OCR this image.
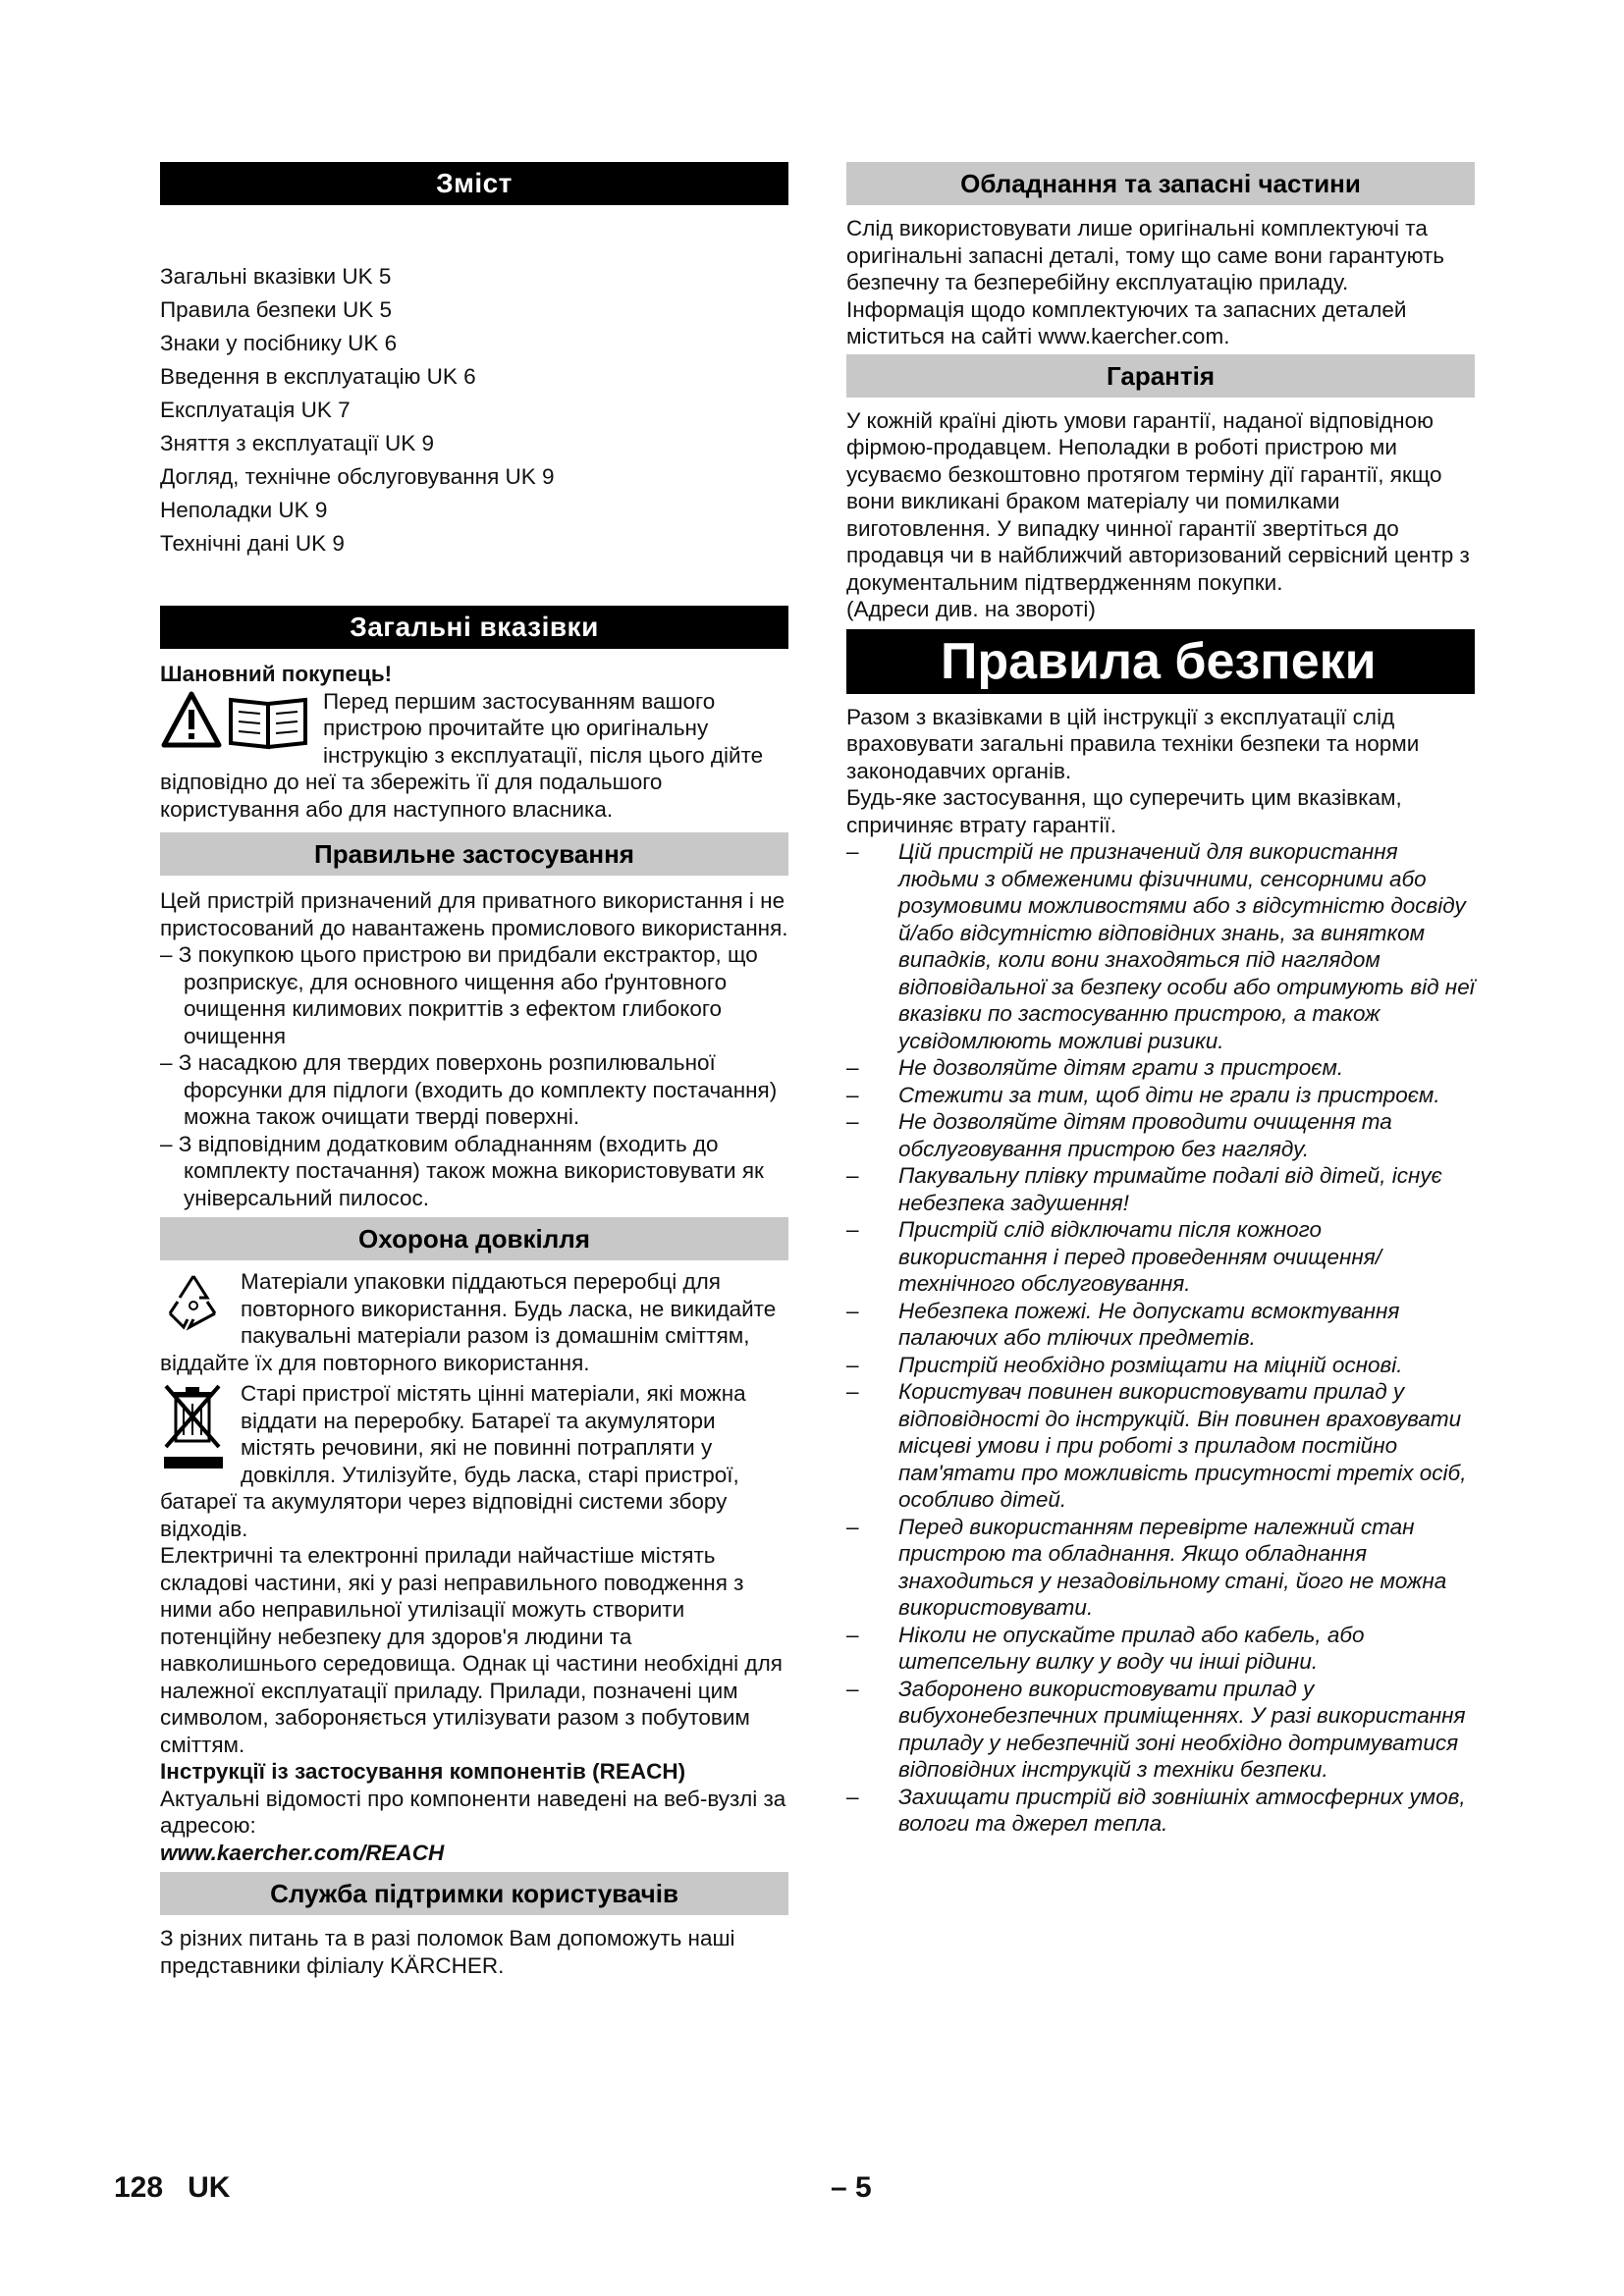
Зміст
Загальні вказівки UK 5
Правила безпеки UK 5
Знаки у посібнику UK 6
Введення в експлуатацію UK 6
Експлуатація UK 7
Зняття з експлуатації UK 9
Догляд, технічне обслуговування UK 9
Неполадки UK 9
Технічні дані UK 9
Загальні вказівки

Шановний покупець!

Перед першим застосуванням вашого пристрою прочитайте цю оригінальну інструкцію з експлуатації, після цього дійте відповідно до неї та збережіть її для подальшого користування або для наступного власника.

Правильне застосування

Цей пристрій призначений для приватного використання і не пристосований до навантажень промислового використання.

– З покупкою цього пристрою ви придбали екстрактор, що розприскує, для основного чищення або ґрунтовного очищення килимових покриттів з ефектом глибокого очищення

– З насадкою для твердих поверхонь розпилювальної форсунки для підлоги (входить до комплекту постачання) можна також очищати тверді поверхні.

– З відповідним додатковим обладнанням (входить до комплекту постачання) також можна використовувати як універсальний пилосос.

Охорона довкілля

Матеріали упаковки піддаються переробці для повторного використання. Будь ласка, не викидайте пакувальні матеріали разом із домашнім сміттям, віддайте їх для повторного використання.

Старі пристрої містять цінні матеріали, які можна віддати на переробку. Батареї та акумулятори містять речовини, які не повинні потрапляти у довкілля. Утилізуйте, будь ласка, старі пристрої, батареї та акумулятори через відповідні системи збору відходів.

Електричні та електронні прилади найчастіше містять складові частини, які у разі неправильного поводження з ними або неправильної утилізації можуть створити потенційну небезпеку для здоров'я людини та навколишнього середовища. Однак ці частини необхідні для належної експлуатації приладу. Прилади, позначені цим символом, забороняється утилізувати разом з побутовим сміттям.

Інструкції із застосування компонентів (REACH)

Актуальні відомості про компоненти наведені на веб-вузлі за адресою:

www.kaercher.com/REACH

Служба підтримки користувачів

З різних питань та в разі поломок Вам допоможуть наші представники філіалу KÄRCHER.

Обладнання та запасні частини

Слід використовувати лише оригінальні комплектуючі та оригінальні запасні деталі, тому що саме вони гарантують безпечну та безперебійну експлуатацію приладу.

Інформація щодо комплектуючих та запасних деталей міститься на сайті www.kaercher.com.

Гарантія

У кожній країні діють умови гарантії, наданої відповідною фірмою-продавцем. Неполадки в роботі пристрою ми усуваємо безкоштовно протягом терміну дії гарантії, якщо вони викликані браком матеріалу чи помилками виготовлення. У випадку чинної гарантії звертіться до продавця чи в найближчий авторизований сервісний центр з документальним підтвердженням покупки.

(Адреси див. на звороті)

Правила безпеки

Разом з вказівками в цій інструкції з експлуатації слід враховувати загальні правила техніки безпеки та норми законодавчих органів.

Будь-яке застосування, що суперечить цим вказівкам, спричиняє втрату гарантії.

– Цій пристрій не призначений для використання людьми з обмеженими фізичними, сенсорними або розумовими можливостями або з відсутністю досвіду й/або відсутністю відповідних знань, за винятком випадків, коли вони знаходяться під наглядом відповідальної за безпеку особи або отримують від неї вказівки по застосуванню пристрою, а також усвідомлюють можливі ризики.
– Не дозволяйте дітям грати з пристроєм.
– Стежити за тим, щоб діти не грали із пристроєм.
– Не дозволяйте дітям проводити очищення та обслуговування пристрою без нагляду.
– Пакувальну плівку тримайте подалі від дітей, існує небезпека задушення!
– Пристрій слід відключати після кожного використання і перед проведенням очищення/технічного обслуговування.
– Небезпека пожежі. Не допускати всмоктування палаючих або тліючих предметів.
– Пристрій необхідно розміщати на міцній основі.
– Користувач повинен використовувати прилад у відповідності до інструкцій. Він повинен враховувати місцеві умови і при роботі з приладом постійно пам'ятати про можливість присутності третіх осіб, особливо дітей.
– Перед використанням перевірте належний стан пристрою та обладнання. Якщо обладнання знаходиться у незадовільному стані, його не можна використовувати.
– Ніколи не опускайте прилад або кабель, або штепсельну вилку у воду чи інші рідини.
– Заборонено використовувати прилад у вибухонебезпечних приміщеннях. У разі використання приладу у небезпечній зоні необхідно дотримуватися відповідних інструкцій з техніки безпеки.
– Захищати пристрій від зовнішніх атмосферних умов, вологи та джерел тепла.
128 UK	– 5
